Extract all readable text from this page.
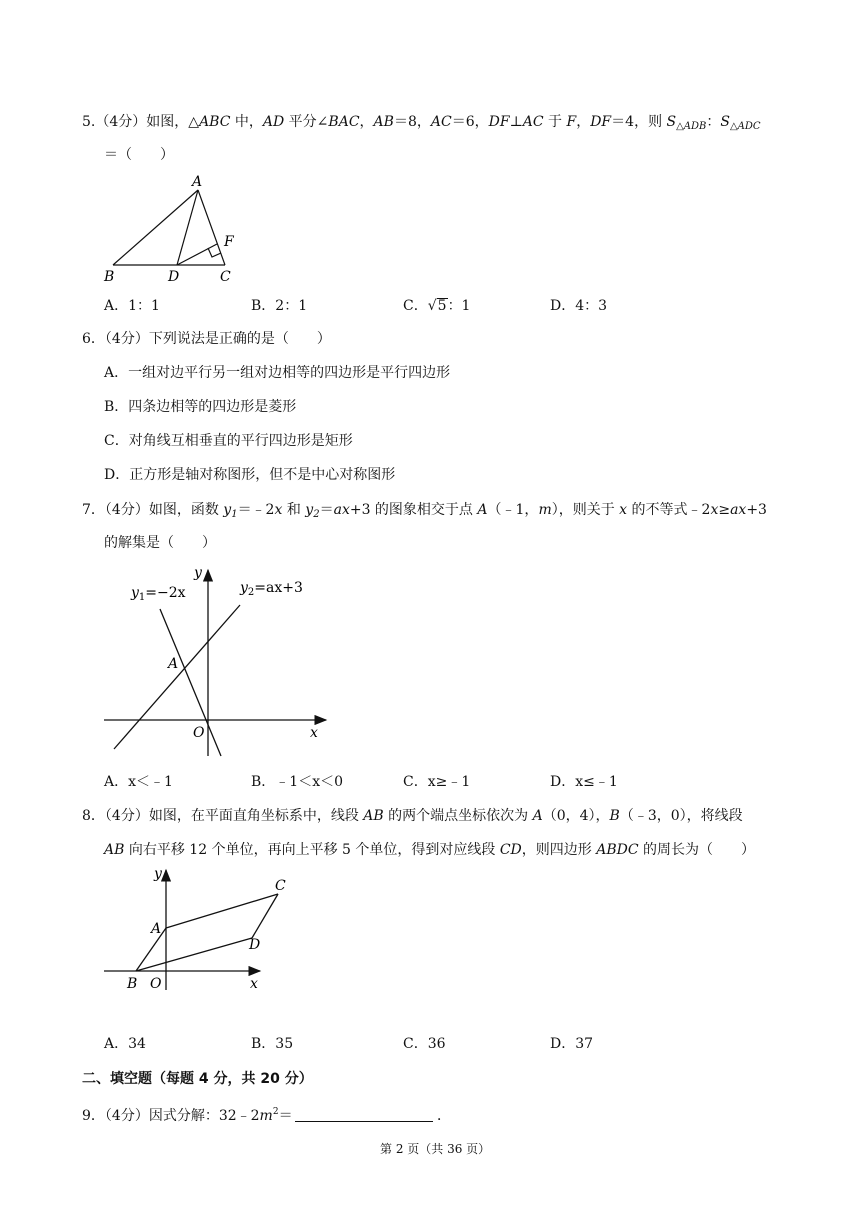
5.（4分）如图，△ABC 中，AD 平分∠BAC，AB＝8，AC＝6，DF⊥AC 于 F，DF＝4，则 $S_{\triangle ADB}$：$S_{\triangle ADC}$
＝（　　）
A
B	D	C
F
A．1：1	B．2：1	C．√5：1	D．4：3
6．（4分）下列说法是正确的是（　　）
A．一组对边平行另一组对边相等的四边形是平行四边形
B．四条边相等的四边形是菱形
C．对角线互相垂直的平行四边形是矩形
D．正方形是轴对称图形，但不是中心对称图形
7．（4分）如图，函数 $y_1=﹣2x$ 和 $y_2=ax+3$ 的图象相交于点 A（﹣1，m），则关于 x 的不等式﹣2x≥ax+3
的解集是（　　）
y
x
O
A
$y_1=-2x$	$y_2=ax+3$
A．x＜﹣1	B．﹣1＜x＜0	C．x≥﹣1	D．x≤﹣1
8．（4分）如图，在平面直角坐标系中，线段 AB 的两个端点坐标依次为 A（0，4），B（﹣3，0），将线段
AB 向右平移 12 个单位，再向上平移 5 个单位，得到对应线段 CD，则四边形 ABDC 的周长为（　　）
y
x
O
A
B
C
D
A．34	B．35	C．36	D．37
二、填空题（每题 4 分，共 20 分）
9．（4分）因式分解：$32﹣2m^2=$	．
第 2 页（共 36 页）
